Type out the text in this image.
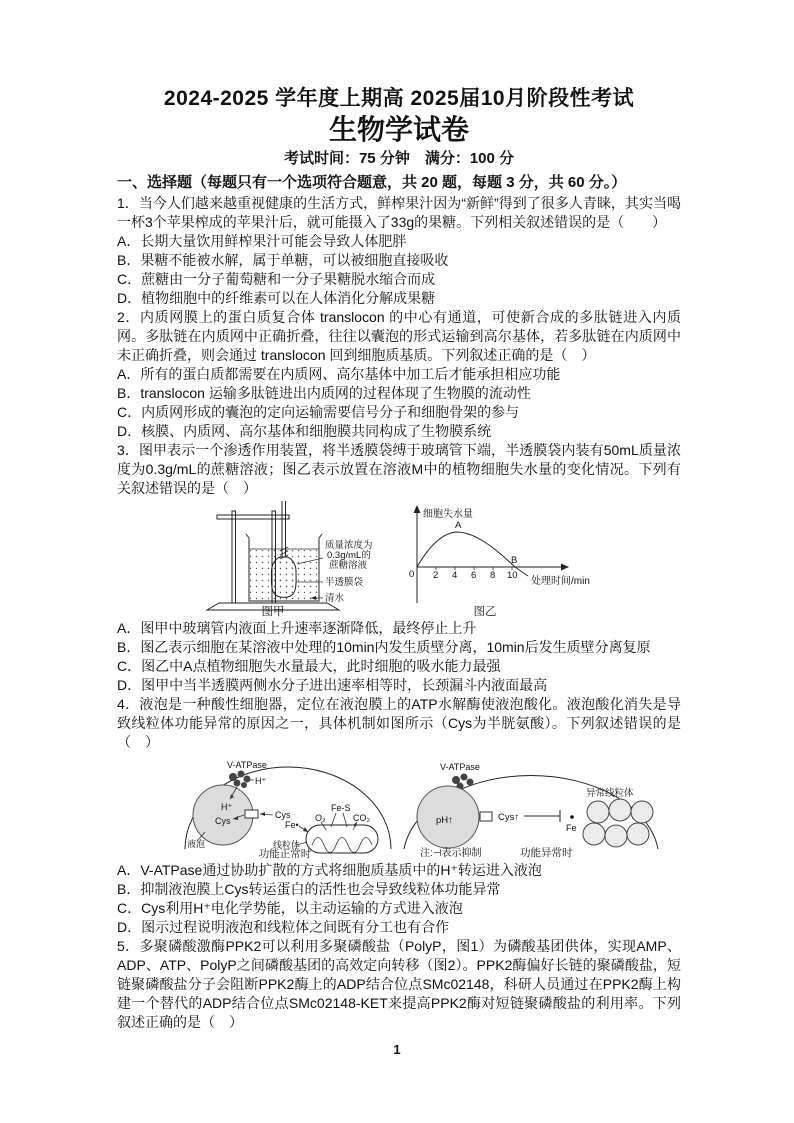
2024-2025 学年度上期高 2025届10月阶段性考试
生物学试卷
考试时间：75 分钟　满分：100 分
一、选择题（每题只有一个选项符合题意，共 20 题，每题 3 分，共 60 分。）

1．当今人们越来越重视健康的生活方式，鲜榨果汁因为“新鲜”得到了很多人青睐，其实当喝一杯3个苹果榨成的苹果汁后，就可能摄入了33g的果糖。下列相关叙述错误的是（　　）

A．长期大量饮用鲜榨果汁可能会导致人体肥胖

B．果糖不能被水解，属于单糖，可以被细胞直接吸收

C．蔗糖由一分子葡萄糖和一分子果糖脱水缩合而成

D．植物细胞中的纤维素可以在人体消化分解成果糖

2．内质网膜上的蛋白质复合体 translocon 的中心有通道，可使新合成的多肽链进入内质网。多肽链在内质网中正确折叠，往往以囊泡的形式运输到高尔基体，若多肽链在内质网中未正确折叠，则会通过 translocon 回到细胞质基质。下列叙述正确的是（　）

A．所有的蛋白质都需要在内质网、高尔基体中加工后才能承担相应功能

B．translocon 运输多肽链进出内质网的过程体现了生物膜的流动性

C．内质网形成的囊泡的定向运输需要信号分子和细胞骨架的参与

D．核膜、内质网、高尔基体和细胞膜共同构成了生物膜系统

3．图甲表示一个渗透作用装置，将半透膜袋缚于玻璃管下端，半透膜袋内装有50mL质量浓度为0.3g/mL的蔗糖溶液；图乙表示放置在溶液M中的植物细胞失水量的变化情况。下列有关叙述错误的是（　）

质量浓度为
0.3g/mL的
蔗糖溶液
半透膜袋
清水
图甲
细胞失水量
0 2 4 6 8 10
A
B
处理时间/min
图乙

A．图甲中玻璃管内液面上升速率逐渐降低，最终停止上升

B．图乙表示细胞在某溶液中处理的10min内发生质壁分离，10min后发生质壁分离复原

C．图乙中A点植物细胞失水量最大，此时细胞的吸水能力最强

D．图甲中当半透膜两侧水分子进出速率相等时，长颈漏斗内液面最高

4．液泡是一种酸性细胞器，定位在液泡膜上的ATP水解酶使液泡酸化。液泡酸化消失是导致线粒体功能异常的原因之一，具体机制如图所示（Cys为半胱氨酸）。下列叙述错误的是（　）

V-ATPase
H⁺
H⁺
Cys
Cys
Fe•
O₂	CO₂
Fe-S
线粒体
液泡
功能正常时
V-ATPase
pH↑	Cys↑
Fe
异常线粒体
注:⊣表示抑制	功能异常时

A．V-ATPase通过协助扩散的方式将细胞质基质中的H⁺转运进入液泡

B．抑制液泡膜上Cys转运蛋白的活性也会导致线粒体功能异常

C．Cys利用H⁺电化学势能，以主动运输的方式进入液泡

D．图示过程说明液泡和线粒体之间既有分工也有合作

5．多聚磷酸激酶PPK2可以利用多聚磷酸盐（PolyP，图1）为磷酸基团供体，实现AMP、ADP、ATP、PolyP之间磷酸基团的高效定向转移（图2）。PPK2酶偏好长链的聚磷酸盐，短链聚磷酸盐分子会阻断PPK2酶上的ADP结合位点SMc02148，科研人员通过在PPK2酶上构建一个替代的ADP结合位点SMc02148-KET来提高PPK2酶对短链聚磷酸盐的利用率。下列叙述正确的是（　）

1
